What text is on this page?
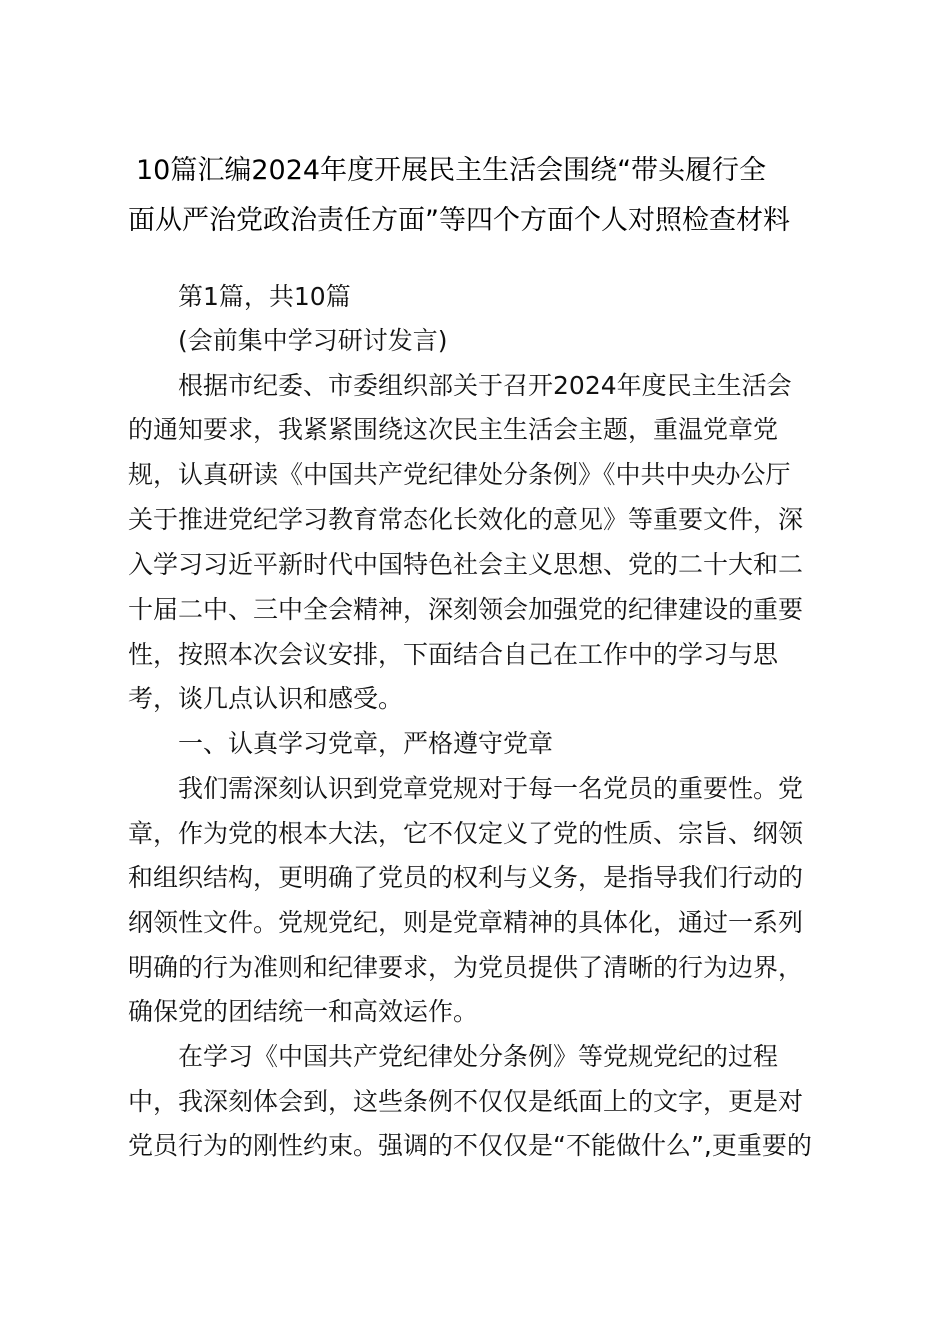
10篇汇编2024年度开展民主生活会围绕“带头履行全
面从严治党政治责任方面”等四个方面个人对照检查材料
第1篇，共10篇
(会前集中学习研讨发言)
根据市纪委、市委组织部关于召开2024年度民主生活会
的通知要求，我紧紧围绕这次民主生活会主题，重温党章党
规，认真研读《中国共产党纪律处分条例》《中共中央办公厅
关于推进党纪学习教育常态化长效化的意见》等重要文件，深
入学习习近平新时代中国特色社会主义思想、党的二十大和二
十届二中、三中全会精神，深刻领会加强党的纪律建设的重要
性，按照本次会议安排，下面结合自己在工作中的学习与思
考，谈几点认识和感受。
一、认真学习党章，严格遵守党章
我们需深刻认识到党章党规对于每一名党员的重要性。党
章，作为党的根本大法，它不仅定义了党的性质、宗旨、纲领
和组织结构，更明确了党员的权利与义务，是指导我们行动的
纲领性文件。党规党纪，则是党章精神的具体化，通过一系列
明确的行为准则和纪律要求，为党员提供了清晰的行为边界，
确保党的团结统一和高效运作。
在学习《中国共产党纪律处分条例》等党规党纪的过程
中，我深刻体会到，这些条例不仅仅是纸面上的文字，更是对
党员行为的刚性约束。强调的不仅仅是“不能做什么”,更重要的
